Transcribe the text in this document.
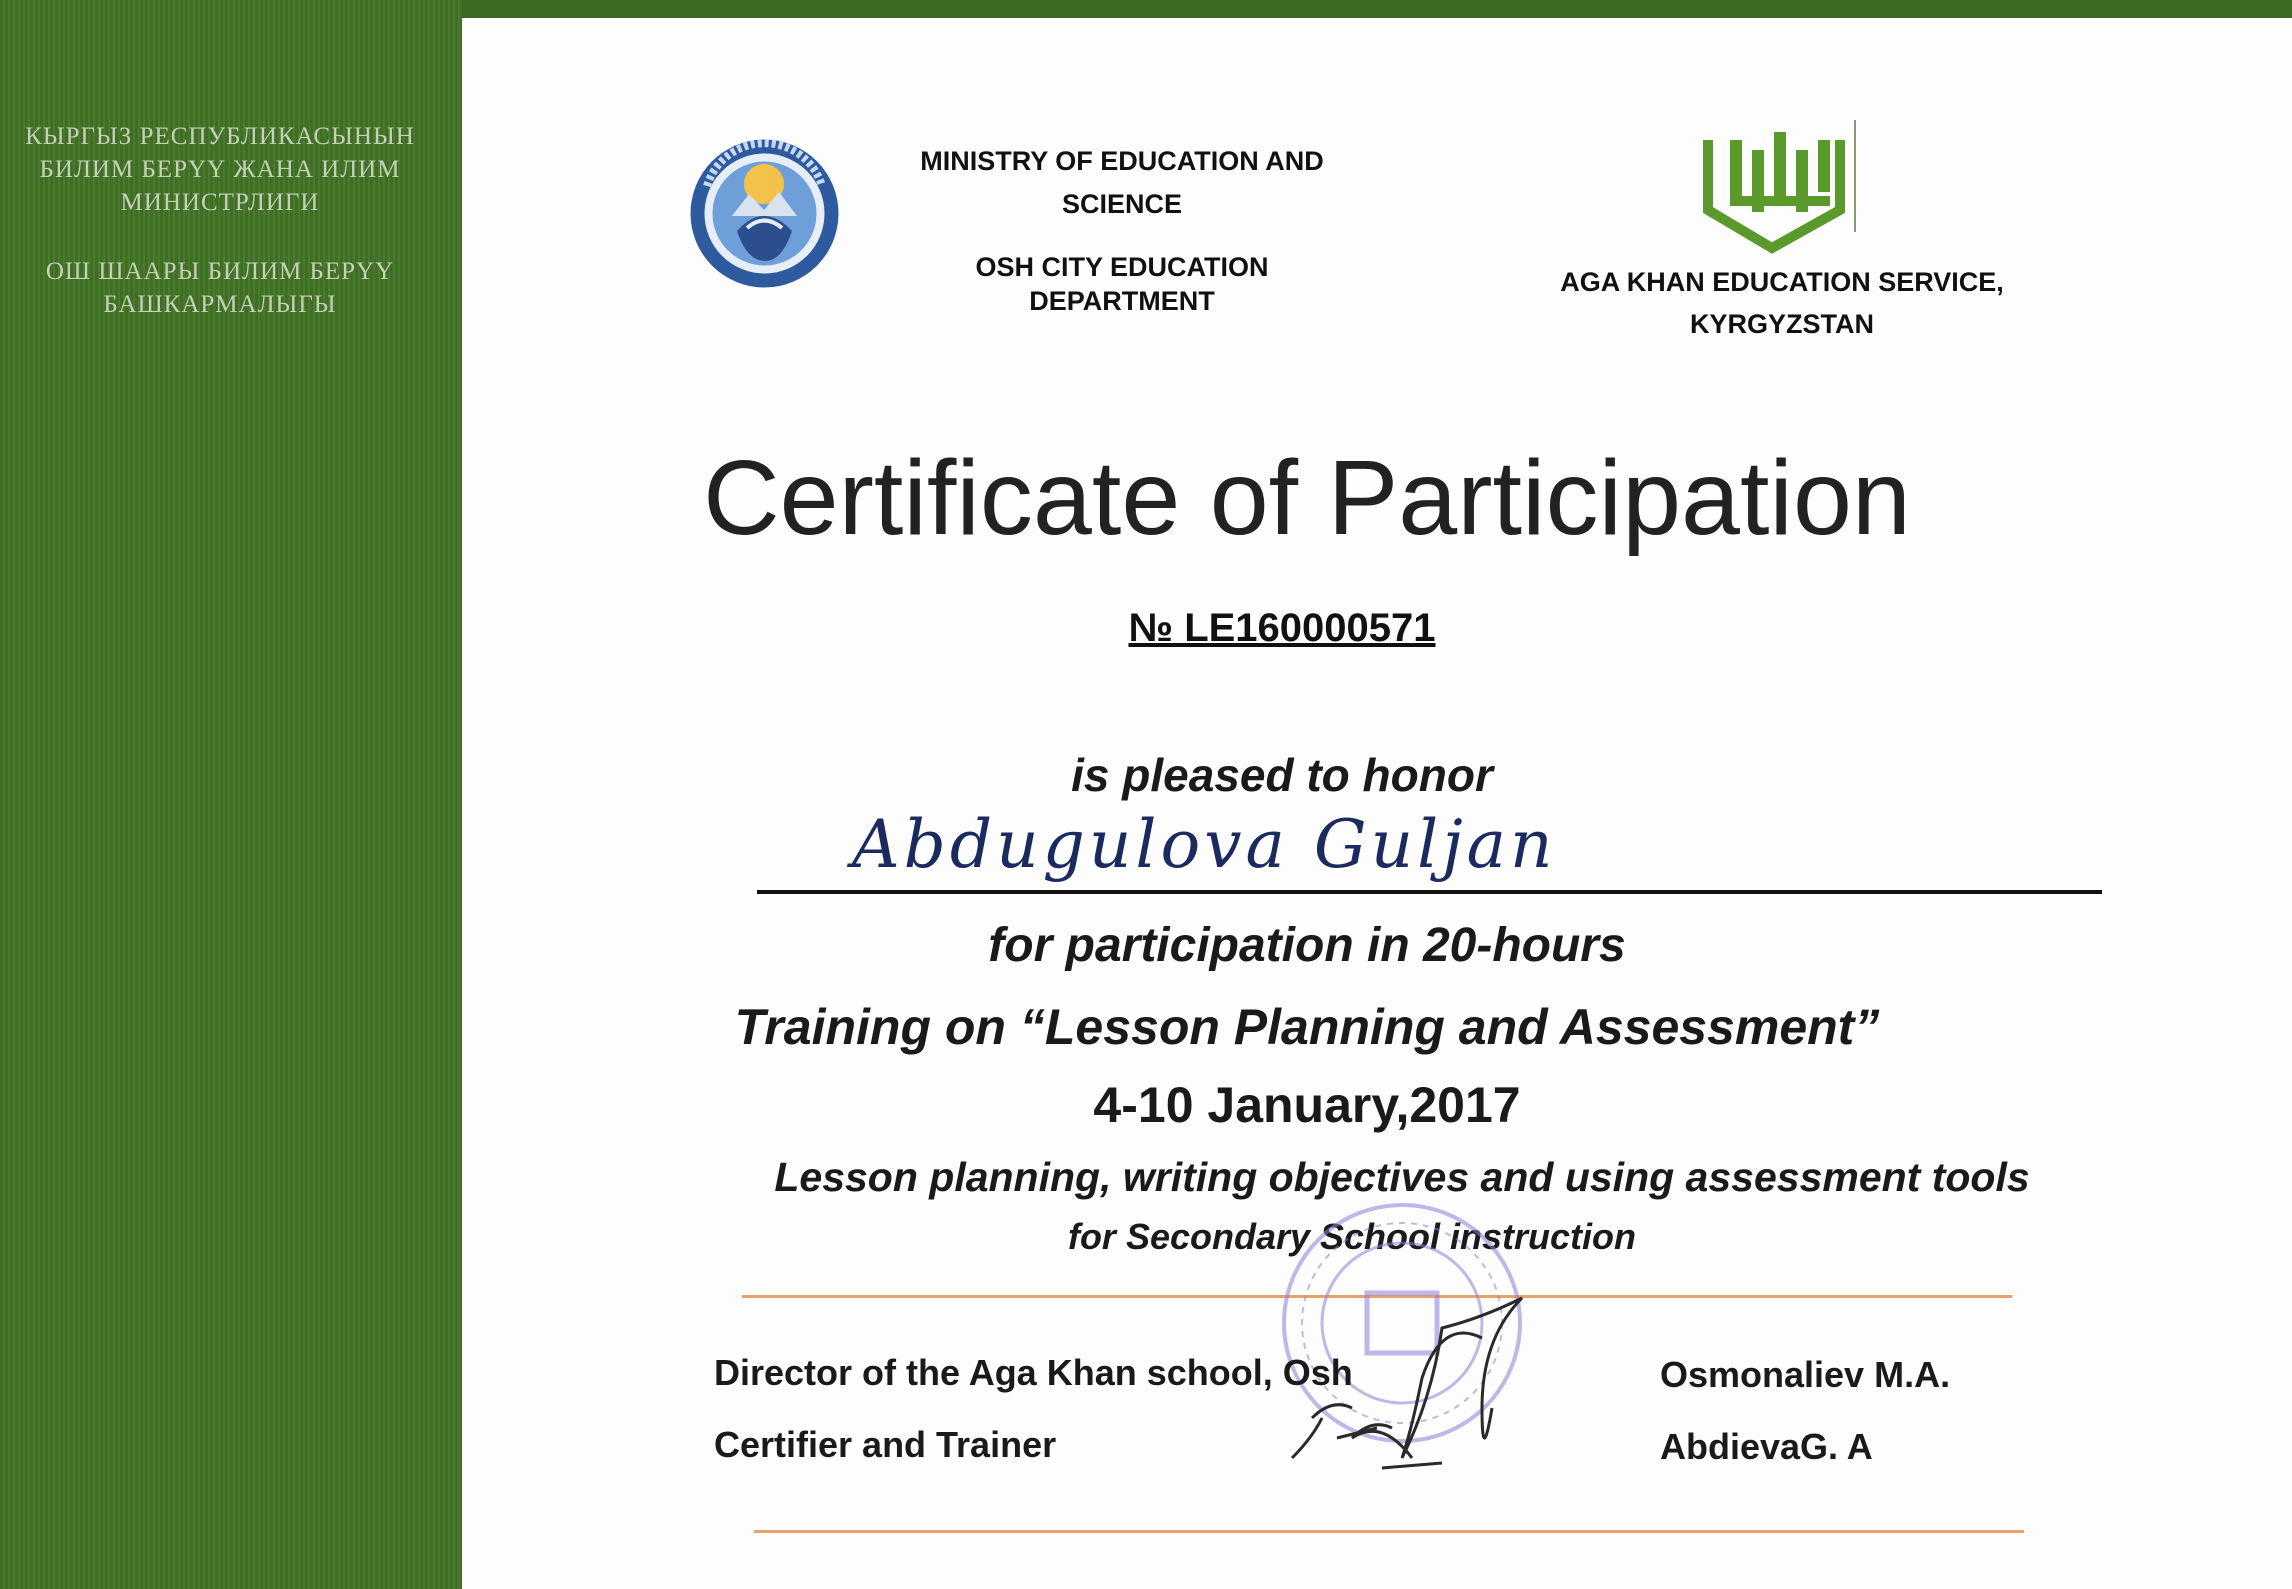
КЫРГЫЗ РЕСПУБЛИКАСЫНЫН
БИЛИМ БЕРҮҮ ЖАНА ИЛИМ
МИНИСТРЛИГИ
ОШ ШААРЫ БИЛИМ БЕРҮҮ
БАШКАРМАЛЫГЫ
MINISTRY OF EDUCATION AND
SCIENCE
OSH CITY EDUCATION
DEPARTMENT
AGA KHAN EDUCATION SERVICE,
KYRGYZSTAN
Certificate of Participation
№ LE160000571
is pleased to honor
Abdugulova Guljan
for participation in 20-hours
Training on “Lesson Planning and Assessment”
4-10 January,2017
Lesson planning, writing objectives and using assessment tools
for Secondary School instruction
Director of the Aga Khan school, Osh	Osmonaliev M.A.
Certifier and Trainer	AbdievaG. A
